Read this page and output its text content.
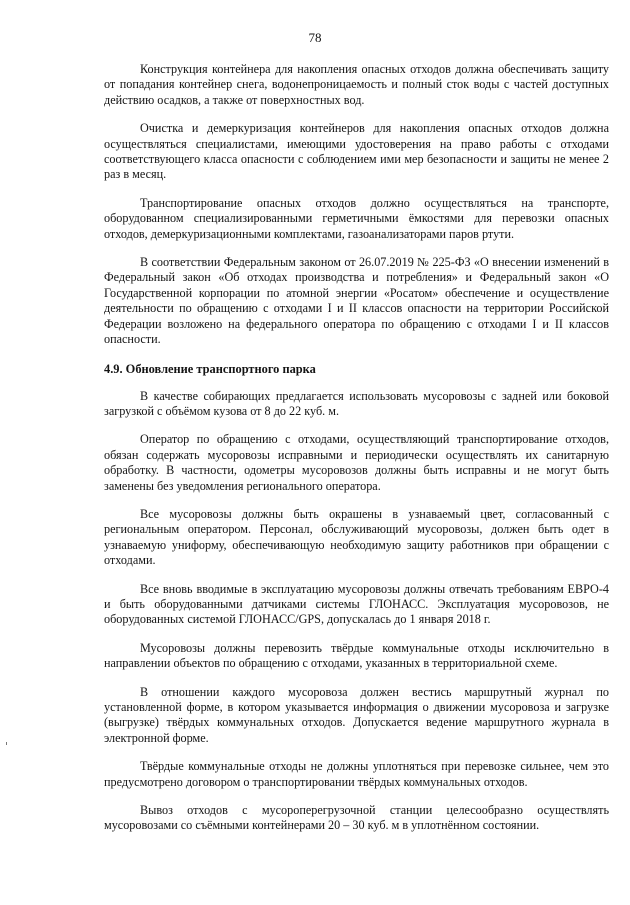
78

Конструкция контейнера для накопления опасных отходов должна обеспечивать защиту от попадания контейнер снега, водонепроницаемость и полный сток воды с частей доступных действию осадков, а также от поверхностных вод.

Очистка и демеркуризация контейнеров для накопления опасных отходов должна осуществляться специалистами, имеющими удостоверения на право работы с отходами соответствующего класса опасности с соблюдением ими мер безопасности и защиты не менее 2 раз в месяц.

Транспортирование опасных отходов должно осуществляться на транспорте, оборудованном специализированными герметичными ёмкостями для перевозки опасных отходов, демеркуризационными комплектами, газоанализаторами паров ртути.

В соответствии Федеральным законом от 26.07.2019 № 225-ФЗ «О внесении изменений в Федеральный закон «Об отходах производства и потребления» и Федеральный закон «О Государственной корпорации по атомной энергии «Росатом» обеспечение и осуществление деятельности по обращению с отходами I и II классов опасности на территории Российской Федерации возложено на федерального оператора по обращению с отходами I и II классов опасности.

4.9. Обновление транспортного парка

В качестве собирающих предлагается использовать мусоровозы с задней или боковой загрузкой с объёмом кузова от 8 до 22 куб. м.

Оператор по обращению с отходами, осуществляющий транспортирование отходов, обязан содержать мусоровозы исправными и периодически осуществлять их санитарную обработку. В частности, одометры мусоровозов должны быть исправны и не могут быть заменены без уведомления регионального оператора.

Все мусоровозы должны быть окрашены в узнаваемый цвет, согласованный с региональным оператором. Персонал, обслуживающий мусоровозы, должен быть одет в узнаваемую униформу, обеспечивающую необходимую защиту работников при обращении с отходами.

Все вновь вводимые в эксплуатацию мусоровозы должны отвечать требованиям ЕВРО-4 и быть оборудованными датчиками системы ГЛОНАСС. Эксплуатация мусоровозов, не оборудованных системой ГЛОНАСС/GPS, допускалась до 1 января 2018 г.

Мусоровозы должны перевозить твёрдые коммунальные отходы исключительно в направлении объектов по обращению с отходами, указанных в территориальной схеме.

В отношении каждого мусоровоза должен вестись маршрутный журнал по установленной форме, в котором указывается информация о движении мусоровоза и загрузке (выгрузке) твёрдых коммунальных отходов. Допускается ведение маршрутного журнала в электронной форме.

Твёрдые коммунальные отходы не должны уплотняться при перевозке сильнее, чем это предусмотрено договором о транспортировании твёрдых коммунальных отходов.

Вывоз отходов с мусороперегрузочной станции целесообразно осуществлять мусоровозами со съёмными контейнерами 20 – 30 куб. м в уплотнённом состоянии.
